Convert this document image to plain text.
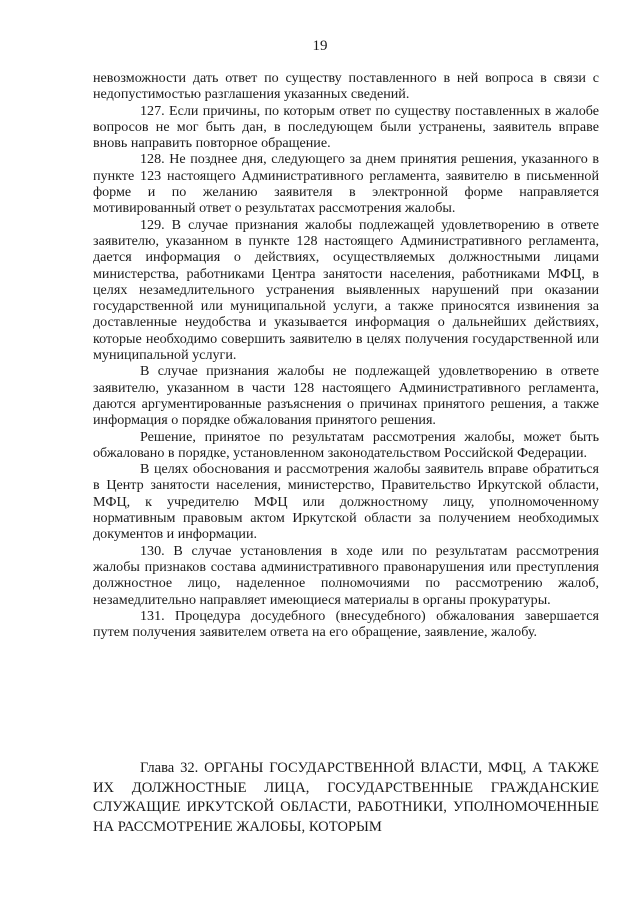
19

невозможности дать ответ по существу поставленного в ней вопроса в связи с недопустимостью разглашения указанных сведений.

127. Если причины, по которым ответ по существу поставленных в жалобе вопросов не мог быть дан, в последующем были устранены, заявитель вправе вновь направить повторное обращение.

128. Не позднее дня, следующего за днем принятия решения, указанного в пункте 123 настоящего Административного регламента, заявителю в письменной форме и по желанию заявителя в электронной форме направляется мотивированный ответ о результатах рассмотрения жалобы.

129. В случае признания жалобы подлежащей удовлетворению в ответе заявителю, указанном в пункте 128 настоящего Административного регламента, дается информация о действиях, осуществляемых должностными лицами министерства, работниками Центра занятости населения, работниками МФЦ, в целях незамедлительного устранения выявленных нарушений при оказании государственной или муниципальной услуги, а также приносятся извинения за доставленные неудобства и указывается информация о дальнейших действиях, которые необходимо совершить заявителю в целях получения государственной или муниципальной услуги.

В случае признания жалобы не подлежащей удовлетворению в ответе заявителю, указанном в части 128 настоящего Административного регламента, даются аргументированные разъяснения о причинах принятого решения, а также информация о порядке обжалования принятого решения.

Решение, принятое по результатам рассмотрения жалобы, может быть обжаловано в порядке, установленном законодательством Российской Федерации.

В целях обоснования и рассмотрения жалобы заявитель вправе обратиться в Центр занятости населения, министерство, Правительство Иркутской области, МФЦ, к учредителю МФЦ или должностному лицу, уполномоченному нормативным правовым актом Иркутской области за получением необходимых документов и информации.

130. В случае установления в ходе или по результатам рассмотрения жалобы признаков состава административного правонарушения или преступления должностное лицо, наделенное полномочиями по рассмотрению жалоб, незамедлительно направляет имеющиеся материалы в органы прокуратуры.

131. Процедура досудебного (внесудебного) обжалования завершается путем получения заявителем ответа на его обращение, заявление, жалобу.

Глава 32. ОРГАНЫ ГОСУДАРСТВЕННОЙ ВЛАСТИ, МФЦ, А ТАКЖЕ ИХ ДОЛЖНОСТНЫЕ ЛИЦА, ГОСУДАРСТВЕННЫЕ ГРАЖДАНСКИЕ СЛУЖАЩИЕ ИРКУТСКОЙ ОБЛАСТИ, РАБОТНИКИ, УПОЛНОМОЧЕННЫЕ НА РАССМОТРЕНИЕ ЖАЛОБЫ, КОТОРЫМ
